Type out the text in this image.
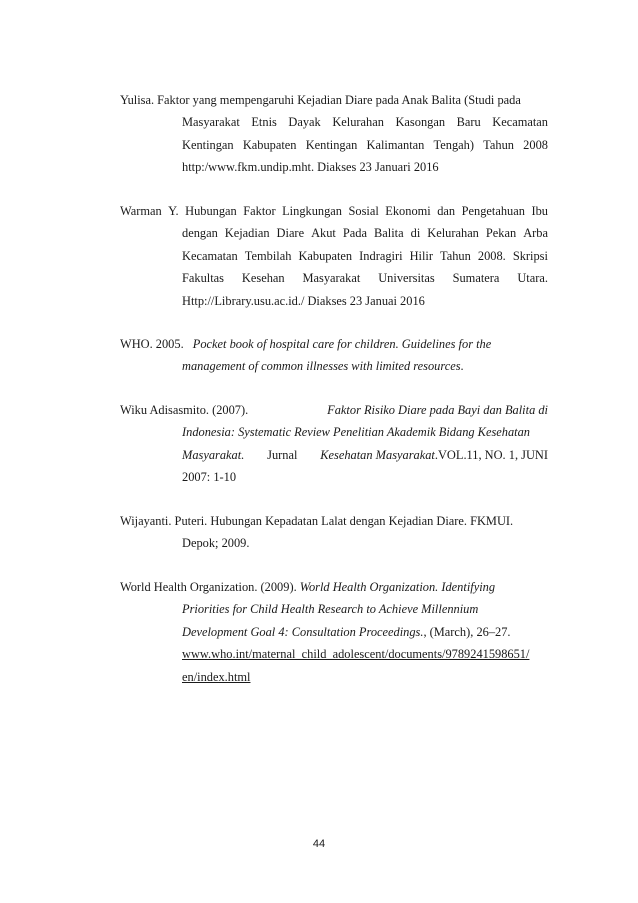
Yulisa. Faktor yang mempengaruhi Kejadian Diare pada Anak Balita (Studi pada
Masyarakat Etnis Dayak Kelurahan Kasongan Baru Kecamatan
Kentingan Kabupaten Kentingan Kalimantan Tengah) Tahun 2008
http:/www.fkm.undip.mht. Diakses 23 Januari 2016
Warman Y. Hubungan Faktor Lingkungan Sosial Ekonomi dan Pengetahuan Ibu
dengan Kejadian Diare Akut Pada Balita di Kelurahan Pekan Arba
Kecamatan Tembilah Kabupaten Indragiri Hilir Tahun 2008. Skripsi
Fakultas Kesehan Masyarakat Universitas Sumatera Utara.
Http://Library.usu.ac.id./ Diakses 23 Januai 2016
WHO. 2005. Pocket book of hospital care for children. Guidelines for the
management of common illnesses with limited resources.
Wiku Adisasmito. (2007).	Faktor Risiko Diare pada Bayi dan Balita di
Indonesia: Systematic Review Penelitian Akademik Bidang Kesehatan
Masyarakat. Jurnal Kesehatan Masyarakat.VOL.11, NO. 1, JUNI
2007: 1-10
Wijayanti. Puteri. Hubungan Kepadatan Lalat dengan Kejadian Diare. FKMUI.
Depok; 2009.
World Health Organization. (2009). World Health Organization. Identifying
Priorities for Child Health Research to Achieve Millennium
Development Goal 4: Consultation Proceedings., (March), 26–27.
www.who.int/maternal_child_adolescent/documents/9789241598651/
en/index.html
44
